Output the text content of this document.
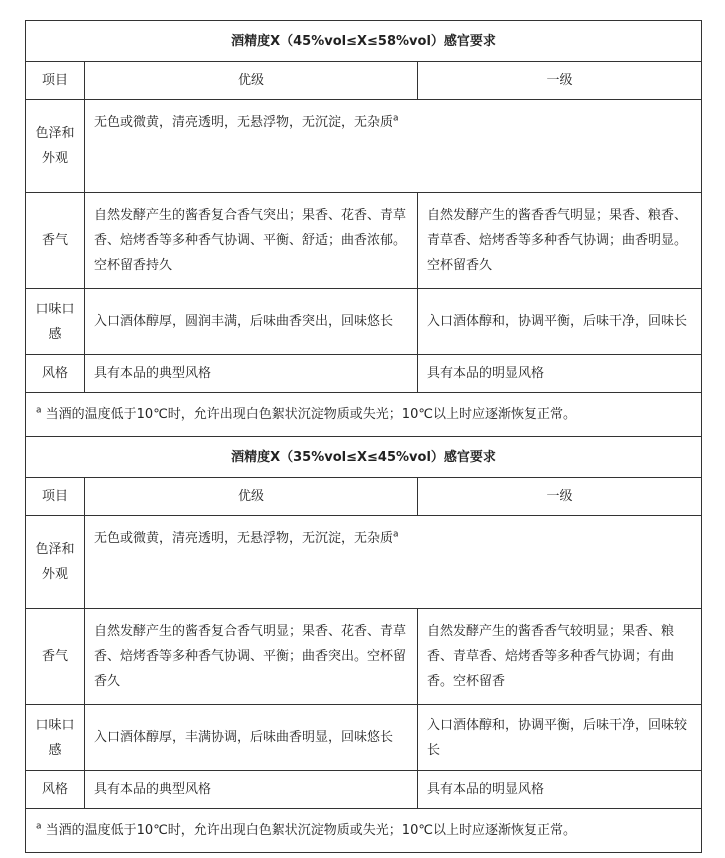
酒精度X（45%vol≤X≤58%vol）感官要求		
项目	优级	一级
色泽和外观	无色或微黄，清亮透明，无悬浮物，无沉淀，无杂质$^a$
香气	自然发酵产生的酱香复合香气突出；果香、花香、青草香、焙烤香等多种香气协调、平衡、舒适；曲香浓郁。空杯留香持久	自然发酵产生的酱香香气明显；果香、粮香、青草香、焙烤香等多种香气协调；曲香明显。空杯留香久
口味口感	入口酒体醇厚，圆润丰满，后味曲香突出，回味悠长	入口酒体醇和，协调平衡，后味干净，回味长
风格	具有本品的典型风格	具有本品的明显风格
$^a$ 当酒的温度低于10℃时，允许出现白色絮状沉淀物质或失光；10℃以上时应逐渐恢复正常。		
酒精度X（35%vol≤X≤45%vol）感官要求		
项目	优级	一级
色泽和外观	无色或微黄，清亮透明，无悬浮物，无沉淀，无杂质$^a$
香气	自然发酵产生的酱香复合香气明显；果香、花香、青草香、焙烤香等多种香气协调、平衡；曲香突出。空杯留香久	自然发酵产生的酱香香气较明显；果香、粮香、青草香、焙烤香等多种香气协调；有曲香。空杯留香
口味口感	入口酒体醇厚，丰满协调，后味曲香明显，回味悠长	入口酒体醇和，协调平衡，后味干净，回味较长
风格	具有本品的典型风格	具有本品的明显风格
$^a$ 当酒的温度低于10℃时，允许出现白色絮状沉淀物质或失光；10℃以上时应逐渐恢复正常。		
